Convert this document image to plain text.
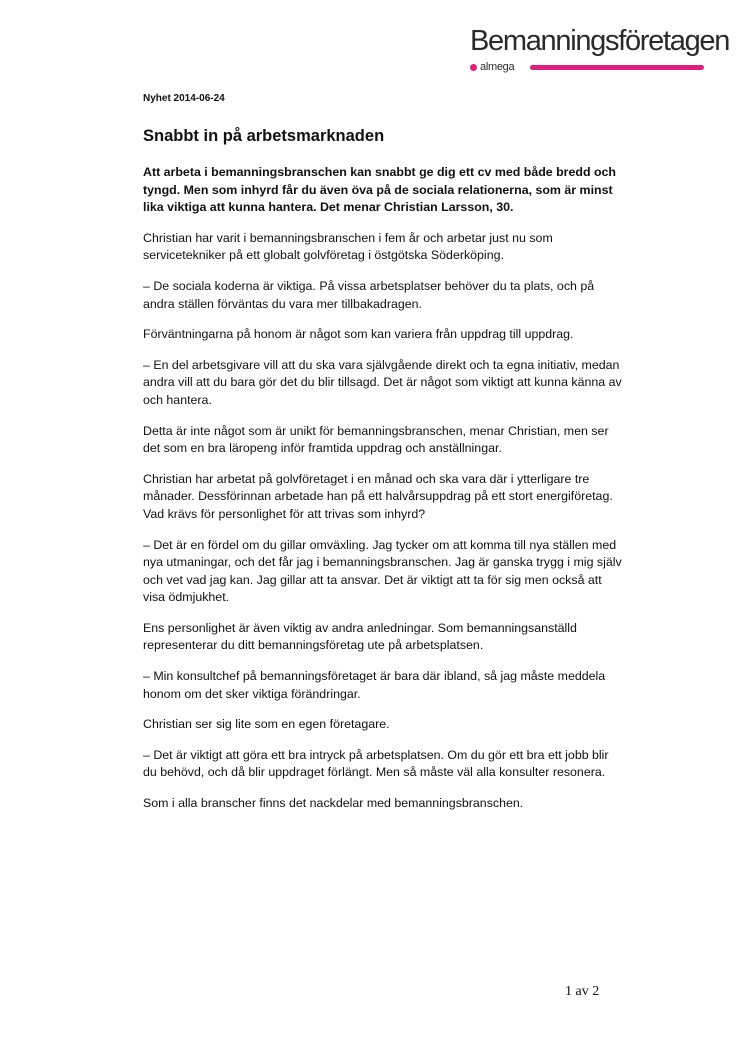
Bemanningsföretagen
almega

Nyhet 2014-06-24

Snabbt in på arbetsmarknaden

Att arbeta i bemanningsbranschen kan snabbt ge dig ett cv med både bredd och tyngd. Men som inhyrd får du även öva på de sociala relationerna, som är minst lika viktiga att kunna hantera. Det menar Christian Larsson, 30.

Christian har varit i bemanningsbranschen i fem år och arbetar just nu som servicetekniker på ett globalt golvföretag i östgötska Söderköping.

– De sociala koderna är viktiga. På vissa arbetsplatser behöver du ta plats, och på andra ställen förväntas du vara mer tillbakadragen.

Förväntningarna på honom är något som kan variera från uppdrag till uppdrag.

– En del arbetsgivare vill att du ska vara självgående direkt och ta egna initiativ, medan andra vill att du bara gör det du blir tillsagd. Det är något som viktigt att kunna känna av och hantera.

Detta är inte något som är unikt för bemanningsbranschen, menar Christian, men ser det som en bra läropeng inför framtida uppdrag och anställningar.

Christian har arbetat på golvföretaget i en månad och ska vara där i ytterligare tre månader. Dessförinnan arbetade han på ett halvårsuppdrag på ett stort energiföretag. Vad krävs för personlighet för att trivas som inhyrd?

– Det är en fördel om du gillar omväxling. Jag tycker om att komma till nya ställen med nya utmaningar, och det får jag i bemanningsbranschen. Jag är ganska trygg i mig själv och vet vad jag kan. Jag gillar att ta ansvar. Det är viktigt att ta för sig men också att visa ödmjukhet.

Ens personlighet är även viktig av andra anledningar. Som bemanningsanställd representerar du ditt bemanningsföretag ute på arbetsplatsen.

– Min konsultchef på bemanningsföretaget är bara där ibland, så jag måste meddela honom om det sker viktiga förändringar.

Christian ser sig lite som en egen företagare.

– Det är viktigt att göra ett bra intryck på arbetsplatsen. Om du gör ett bra ett jobb blir du behövd, och då blir uppdraget förlängt. Men så måste väl alla konsulter resonera.

Som i alla branscher finns det nackdelar med bemanningsbranschen.

1 av 2
